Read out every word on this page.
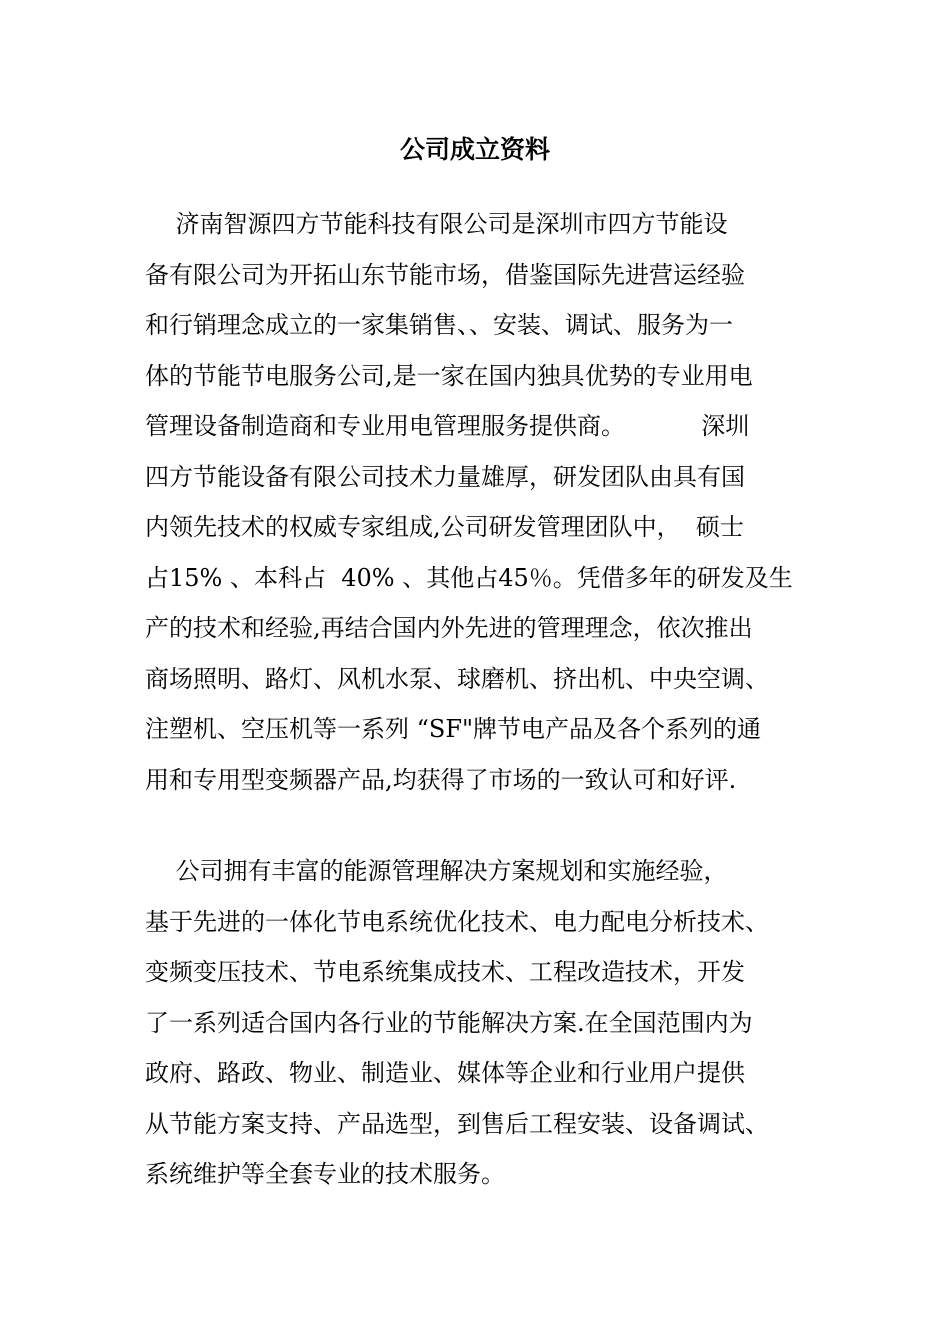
公司成立资料
济南智源四方节能科技有限公司是深圳市四方节能设
备有限公司为开拓山东节能市场，借鉴国际先进营运经验
和行销理念成立的一家集销售、、安装、调试、服务为一
体的节能节电服务公司,是一家在国内独具优势的专业用电
管理设备制造商和专业用电管理服务提供商。          深圳
四方节能设备有限公司技术力量雄厚，研发团队由具有国
内领先技术的权威专家组成,公司研发管理团队中，  硕士
占15% 、本科占  40% 、其他占45％。凭借多年的研发及生
产的技术和经验,再结合国内外先进的管理理念，依次推出
商场照明、路灯、风机水泵、球磨机、挤出机、中央空调、
注塑机、空压机等一系列 “SF"牌节电产品及各个系列的通
用和专用型变频器产品,均获得了市场的一致认可和好评.
公司拥有丰富的能源管理解决方案规划和实施经验，
基于先进的一体化节电系统优化技术、电力配电分析技术、
变频变压技术、节电系统集成技术、工程改造技术，开发
了一系列适合国内各行业的节能解决方案.在全国范围内为
政府、路政、物业、制造业、媒体等企业和行业用户提供
从节能方案支持、产品选型，到售后工程安装、设备调试、
系统维护等全套专业的技术服务。
